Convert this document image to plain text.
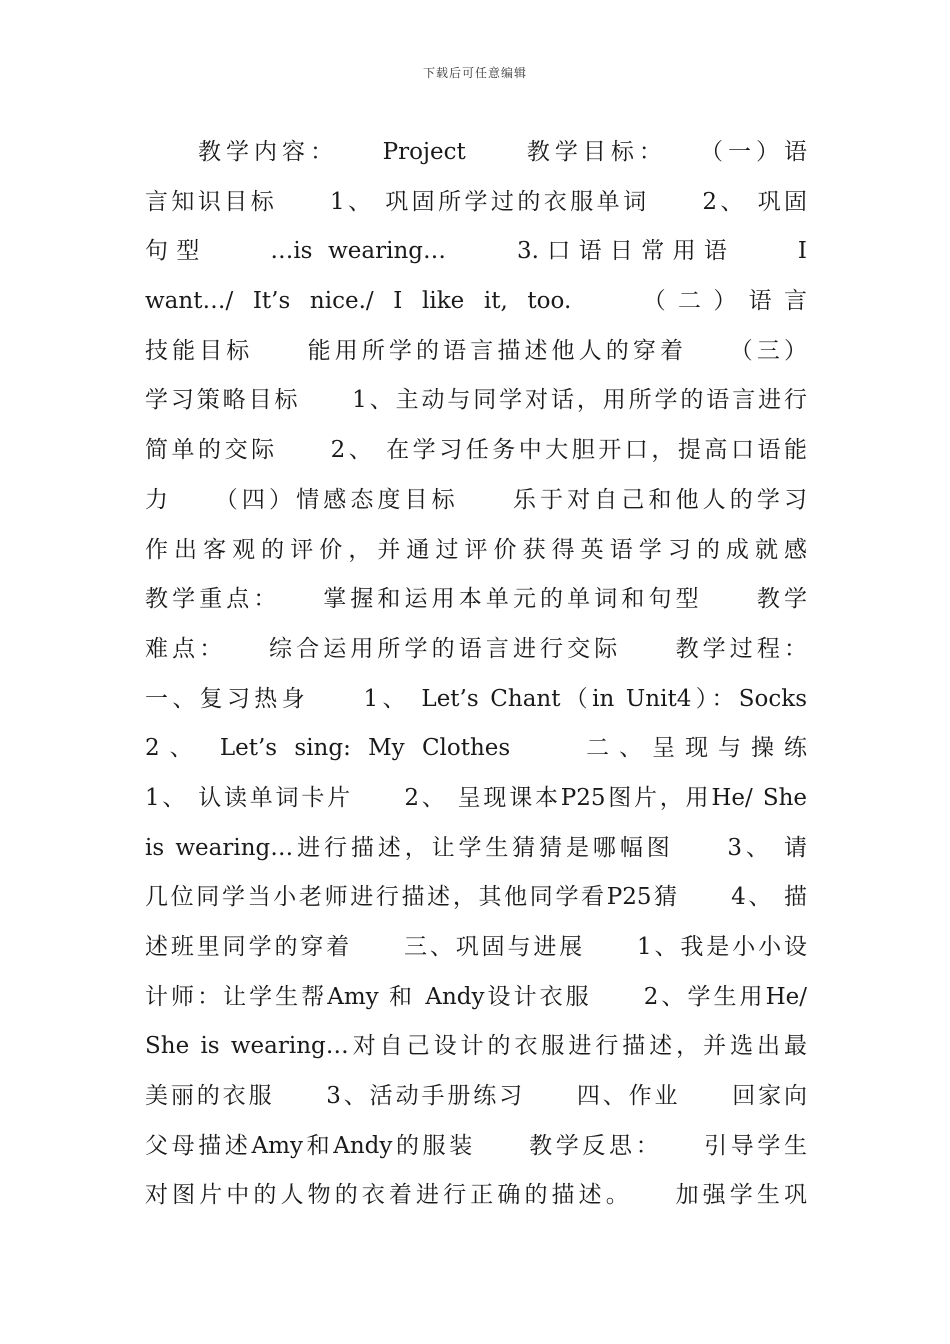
下载后可任意编辑
教学内容：　　Project　　教学目标：　　（一）语
言知识目标　　1、 巩固所学过的衣服单词　　2、 巩固
句型　　…is wearing…　　3.口语日常用语　　I
want…/ It’s nice./ I like it, too.　　（二）语言
技能目标　　能用所学的语言描述他人的穿着　　（三）
学习策略目标　　1、主动与同学对话，用所学的语言进行
简单的交际　　2、 在学习任务中大胆开口，提高口语能
力　　（四）情感态度目标　　乐于对自己和他人的学习
作出客观的评价，并通过评价获得英语学习的成就感
教学重点：　　掌握和运用本单元的单词和句型　　教学
难点：　　综合运用所学的语言进行交际　　教学过程：
一、复习热身　　1、 Let’s Chant（in Unit4）：Socks
2、 Let’s sing: My Clothes　　二、呈现与操练
1、 认读单词卡片　　2、 呈现课本P25图片，用He/ She
is wearing…进行描述，让学生猜猜是哪幅图　　3、 请
几位同学当小老师进行描述，其他同学看P25猜　　4、 描
述班里同学的穿着　　三、巩固与进展　　1、我是小小设
计师：让学生帮Amy 和 Andy设计衣服　　2、学生用He/
She is wearing…对自己设计的衣服进行描述，并选出最
美丽的衣服　　3、活动手册练习　　四、作业　　回家向
父母描述Amy和Andy的服装　　教学反思：　　引导学生
对图片中的人物的衣着进行正确的描述。　　加强学生巩
